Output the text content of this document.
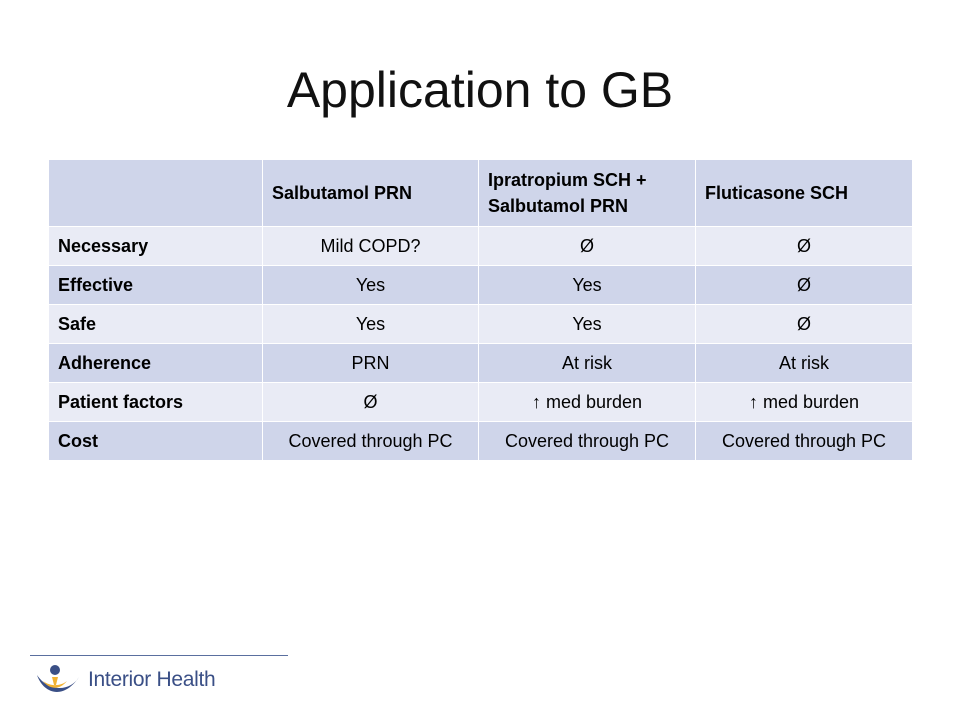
Application to GB
	Salbutamol PRN	Ipratropium SCH + Salbutamol PRN	Fluticasone SCH
Necessary	Mild COPD?	Ø	Ø
Effective	Yes	Yes	Ø
Safe	Yes	Yes	Ø
Adherence	PRN	At risk	At risk
Patient factors	Ø	↑ med burden	↑ med burden
Cost	Covered through PC	Covered through PC	Covered through PC
Interior Health
